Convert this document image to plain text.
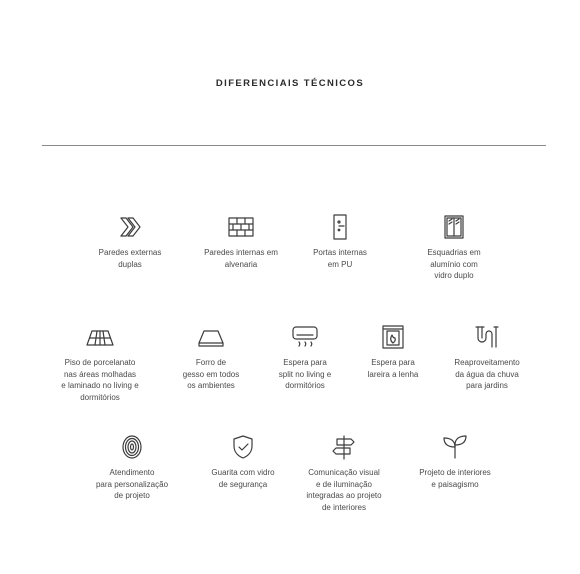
DIFERENCIAIS TÉCNICOS
Paredes externas
duplas
Paredes internas em
alvenaria
Portas internas
em PU
Esquadrias em
alumínio com
vidro duplo
Piso de porcelanato
nas áreas molhadas
e laminado no living e
dormitórios
Forro de
gesso em todos
os ambientes
Espera para
split no living e
dormitórios
Espera para
lareira a lenha
Reaproveitamento
da água da chuva
para jardins
Atendimento
para personalização
de projeto
Guarita com vidro
de segurança
Comunicação visual
e de iluminação
integradas ao projeto
de interiores
Projeto de interiores
e paisagismo
